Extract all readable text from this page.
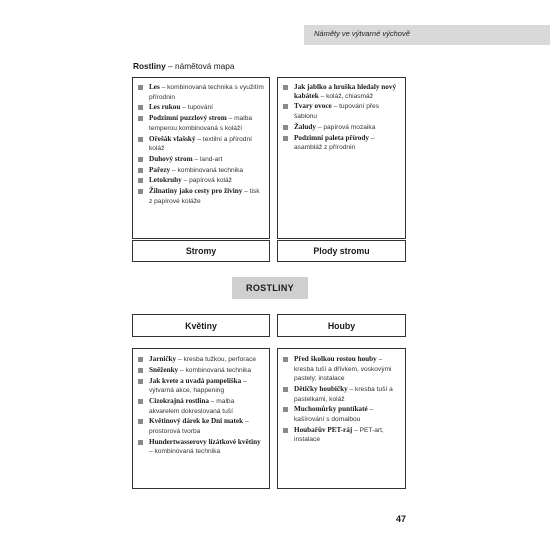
Náměty ve výtvarné výchově
Rostliny – námětová mapa
Les – kombinovaná technika s využitím přírodnin
Les rukou – tupování
Podzimní puzzlový strom – malba temperou kombinovaná s koláží
Ořešák vlašský – textilní a přírodní koláž
Duhový strom – land-art
Pařezy – kombinovaná technika
Letokruhy – papírová koláž
Žilnatiny jako cesty pro živiny – tisk z papírové koláže
Jak jablko a hruška hledaly nový kabátek – koláž, chiasmáž
Tvary ovoce – tupování přes šablonu
Žaludy – papírová mozaika
Podzimní paleta přírody – asambláž z přírodnin
Stromy	Plody stromu
ROSTLINY
Květiny	Houby
Jarničky – kresba tužkou, perforace
Sněženky – kombinovaná technika
Jak kvete a uvadá pampeliška – výtvarná akce, happening
Cizokrajná rostlina – malba akvarelem dokreslovaná tuší
Květinový dárek ke Dni matek – prostorová tvorba
Hundertwasserovy lízátkové květiny – kombinovaná technika
Před školkou rostou houby – kresba tuší a dřívkem, voskovými pastely; instalace
Dětičky houbičky – kresba tuší a pastelkami, koláž
Muchomůrky puntíkaté – kašírování s domalbou
Houbařův PET-ráj – PET-art, instalace
47
